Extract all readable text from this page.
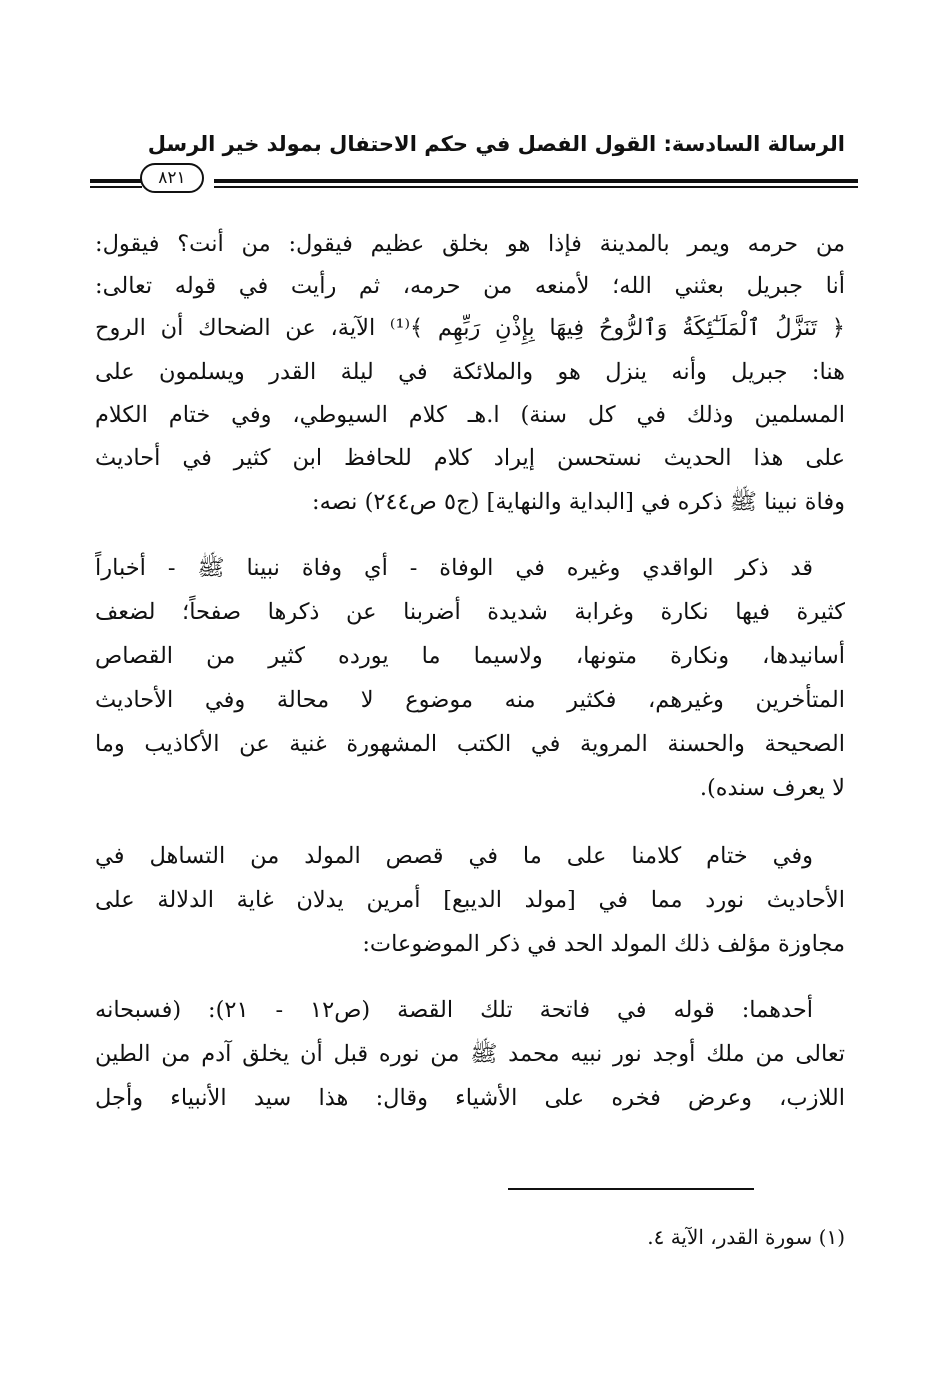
الرسالة السادسة: القول الفصل في حكم الاحتفال بمولد خير الرسل
٨٢١
من حرمه ويمر بالمدينة فإذا هو بخلق عظيم فيقول: من أنت؟ فيقول:
أنا جبريل بعثني الله؛ لأمنعه من حرمه، ثم رأيت في قوله تعالى:
﴿ تَنَزَّلُ ٱلْمَلَـٰٓئِكَةُ وَٱلرُّوحُ فِيهَا بِإِذْنِ رَبِّهِم ﴾⁽¹⁾ الآية، عن الضحاك أن الروح
هنا: جبريل وأنه ينزل هو والملائكة في ليلة القدر ويسلمون على
المسلمين وذلك في كل سنة) ا.هـ كلام السيوطي، وفي ختام الكلام
على هذا الحديث نستحسن إيراد كلام للحافظ ابن كثير في أحاديث
وفاة نبينا ﷺ ذكره في [البداية والنهاية] (ج٥ ص٢٤٤) نصه:
قد ذكر الواقدي وغيره في الوفاة - أي وفاة نبينا ﷺ - أخباراً
كثيرة فيها نكارة وغرابة شديدة أضربنا عن ذكرها صفحاً؛ لضعف
أسانيدها، ونكارة متونها، ولاسيما ما يورده كثير من القصاص
المتأخرين وغيرهم، فكثير منه موضوع لا محالة وفي الأحاديث
الصحيحة والحسنة المروية في الكتب المشهورة غنية عن الأكاذيب وما
لا يعرف سنده).
وفي ختام كلامنا على ما في قصص المولد من التساهل في
الأحاديث نورد مما في [مولد الديبع] أمرين يدلان غاية الدلالة على
مجاوزة مؤلف ذلك المولد الحد في ذكر الموضوعات:
أحدهما: قوله في فاتحة تلك القصة (ص١٢ - ٢١): (فسبحانه
تعالى من ملك أوجد نور نبيه محمد ﷺ من نوره قبل أن يخلق آدم من الطين
اللازب، وعرض فخره على الأشياء وقال: هذا سيد الأنبياء وأجل
(١) سورة القدر، الآية ٤.
